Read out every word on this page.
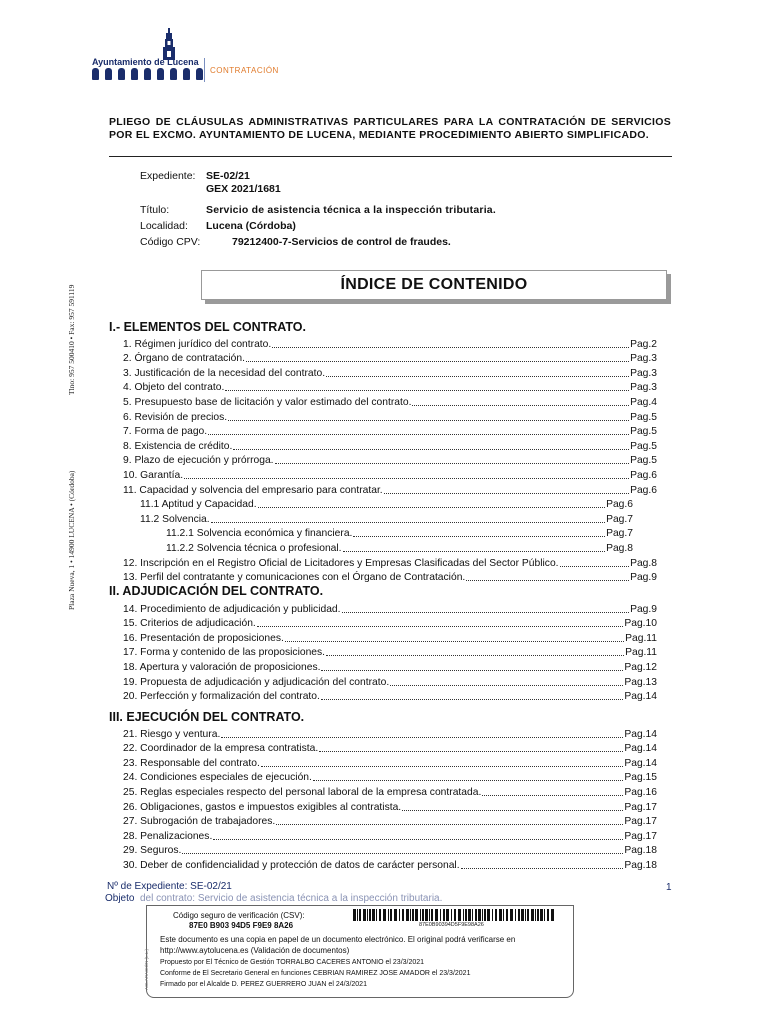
Ayuntamiento de Lucena
CONTRATACIÓN
PLIEGO DE CLÁUSULAS ADMINISTRATIVAS PARTICULARES PARA LA CONTRATACIÓN DE SERVICIOS POR EL EXCMO. AYUNTAMIENTO DE LUCENA, MEDIANTE PROCEDIMIENTO ABIERTO SIMPLIFICADO.
Expediente: SE-02/21
GEX 2021/1681
Título:	Servicio de asistencia técnica a la inspección tributaria.
Localidad: Lucena (Córdoba)
Código CPV:	79212400-7-Servicios de control de fraudes.
ÍNDICE DE CONTENIDO
Tlno: 957 500410 • Fax: 957 591119
Plaza Nueva, 1 • 14900 LUCENA • (Córdoba)
I.- ELEMENTOS DEL CONTRATO.
II. ADJUDICACIÓN DEL CONTRATO.
III. EJECUCIÓN DEL CONTRATO.
1. Régimen jurídico del contrato.	Pag.2
2. Órgano de contratación.	Pag.3
3. Justificación de la necesidad del contrato.	Pag.3
4. Objeto del contrato.	Pag.3
5. Presupuesto base de licitación y valor estimado del contrato.	Pag.4
6. Revisión de precios.	Pag.5
7. Forma de pago.	Pag.5
8. Existencia de crédito.	Pag.5
9. Plazo de ejecución y prórroga.	Pag.5
10. Garantía.	Pag.6
11. Capacidad y solvencia del empresario para contratar.	Pag.6
11.1 Aptitud y Capacidad.	Pag.6
11.2 Solvencia.	Pag.7
11.2.1 Solvencia económica y financiera.	Pag.7
11.2.2 Solvencia técnica o profesional.	Pag.8
12. Inscripción en el Registro Oficial de Licitadores y Empresas Clasificadas del Sector Público.	Pag.8
13. Perfil del contratante y comunicaciones con el Órgano de Contratación.	Pag.9
14. Procedimiento de adjudicación y publicidad.	Pag.9
15. Criterios de adjudicación.	Pag.10
16. Presentación de proposiciones.	Pag.11
17. Forma y contenido de las proposiciones.	Pag.11
18. Apertura y valoración de proposiciones.	Pag.12
19. Propuesta de adjudicación y adjudicación del contrato.	Pag.13
20. Perfección y formalización del contrato.	Pag.14
21. Riesgo y ventura.	Pag.14
22. Coordinador de la empresa contratista.	Pag.14
23. Responsable del contrato.	Pag.14
24. Condiciones especiales de ejecución.	Pag.15
25. Reglas especiales respecto del personal laboral de la empresa contratada.	Pag.16
26. Obligaciones, gastos e impuestos exigibles al contratista.	Pag.17
27. Subrogación de trabajadores.	Pag.17
28. Penalizaciones.	Pag.17
29. Seguros.	Pag.18
30. Deber de confidencialidad y protección de datos de carácter personal.	Pag.18
Nº de Expediente: SE-02/21	1
Objeto del contrato: Servicio de asistencia técnica a la inspección tributaria.
Código seguro de verificación (CSV):
87E0 B903 94D5 F9E9 8A26	87E0B90394D5F9E98A26
Este documento es una copia en papel de un documento electrónico. El original podrá verificarse en
http://www.aytolucena.es (Validación de documentos)
Propuesto por El Técnico de Gestión TORRALBO CACERES ANTONIO el 23/3/2021
Conforme de El Secretario General en funciones CEBRIAN RAMIREZ JOSE AMADOR el 23/3/2021
Firmado por el Alcalde D. PEREZ GUERRERO JUAN el 24/3/2021
ACLARACIÓN (L.L.)
